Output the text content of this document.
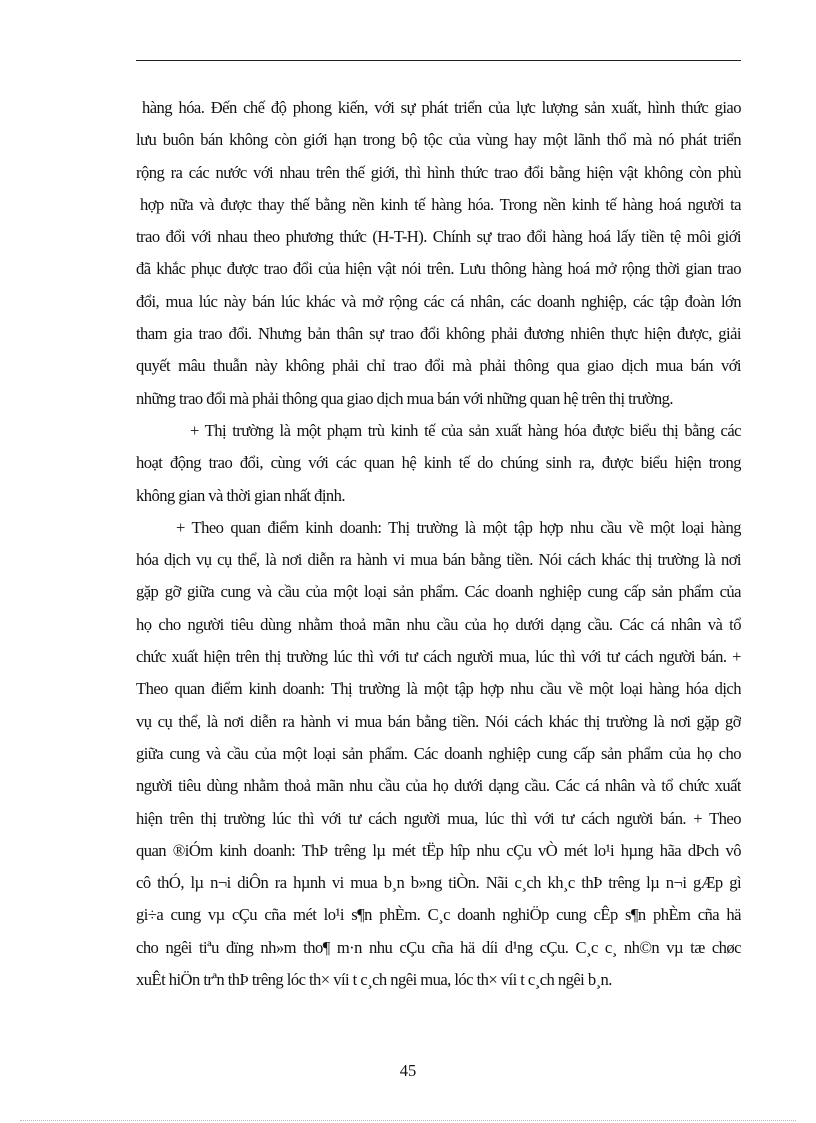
hàng hóa. Đến chế độ phong kiến, với sự phát triển của lực lượng sản xuất, hình thức giao
lưu buôn bán không còn giới hạn trong bộ tộc của vùng hay một lãnh thổ mà nó phát triển
rộng ra các nước với nhau trên thế giới, thì hình thức trao đổi bằng hiện vật không còn phù
hợp nữa và được thay thế bằng nền kinh tế hàng hóa. Trong nền kinh tế hàng hoá người ta
trao đổi với nhau theo phương thức (H-T-H). Chính sự trao đổi hàng hoá lấy tiền tệ môi giới
đã khắc phục được trao đổi của hiện vật nói trên. Lưu thông hàng hoá mở rộng thời gian trao
đổi, mua lúc này bán lúc khác và mở rộng các cá nhân, các doanh nghiệp, các tập đoàn lớn
tham gia trao đổi. Nhưng bản thân sự trao đổi không phải đương nhiên thực hiện được, giải
quyết mâu thuẫn này không phải chỉ trao đổi mà phải thông qua giao dịch mua bán với
những trao đổi mà phải thông qua giao dịch mua bán với những quan hệ trên thị trường.
+ Thị trường là một phạm trù kinh tế của sản xuất hàng hóa được biểu thị bằng các
hoạt động trao đổi, cùng với các quan hệ kinh tế do chúng sinh ra, được biểu hiện trong
không gian và thời gian nhất định.
+ Theo quan điểm kinh doanh: Thị trường là một tập hợp nhu cầu về một loại hàng
hóa dịch vụ cụ thể, là nơi diễn ra hành vi mua bán bằng tiền. Nói cách khác thị trường là nơi
gặp gỡ giữa cung và cầu của một loại sản phẩm. Các doanh nghiệp cung cấp sản phẩm của
họ cho người tiêu dùng nhằm thoả mãn nhu cầu của họ dưới dạng cầu. Các cá nhân và tổ
chức xuất hiện trên thị trường lúc thì với tư cách người mua, lúc thì với tư cách người bán. +
Theo quan điểm kinh doanh: Thị trường là một tập hợp nhu cầu về một loại hàng hóa dịch
vụ cụ thể, là nơi diễn ra hành vi mua bán bằng tiền. Nói cách khác thị trường là nơi gặp gỡ
giữa cung và cầu của một loại sản phẩm. Các doanh nghiệp cung cấp sản phẩm của họ cho
người tiêu dùng nhằm thoả mãn nhu cầu của họ dưới dạng cầu. Các cá nhân và tổ chức xuất
hiện trên thị trường lúc thì với tư cách người mua, lúc thì với tư cách người bán. + Theo
quan ®iÓm kinh doanh: ThÞ trêng lµ mét tËp hîp nhu cÇu vÒ mét lo¹i hµng hãa dÞch vô
cô thÓ, lµ n¬i diÔn ra hµnh vi mua b¸n b»ng tiÒn. Nãi c¸ch kh¸c thÞ trêng lµ n¬i gÆp gì
gi÷a cung vµ cÇu cña mét lo¹i s¶n phÈm. C¸c doanh nghiÖp cung cÊp s¶n phÈm cña hä
cho ngêi tiªu dïng nh»m tho¶ m·n nhu cÇu cña hä díi d¹ng cÇu. C¸c c¸ nh©n vµ tæ chøc
xuÊt hiÖn trªn thÞ trêng lóc th× víi t c¸ch ngêi mua, lóc th× víi t c¸ch ngêi b¸n.
45
